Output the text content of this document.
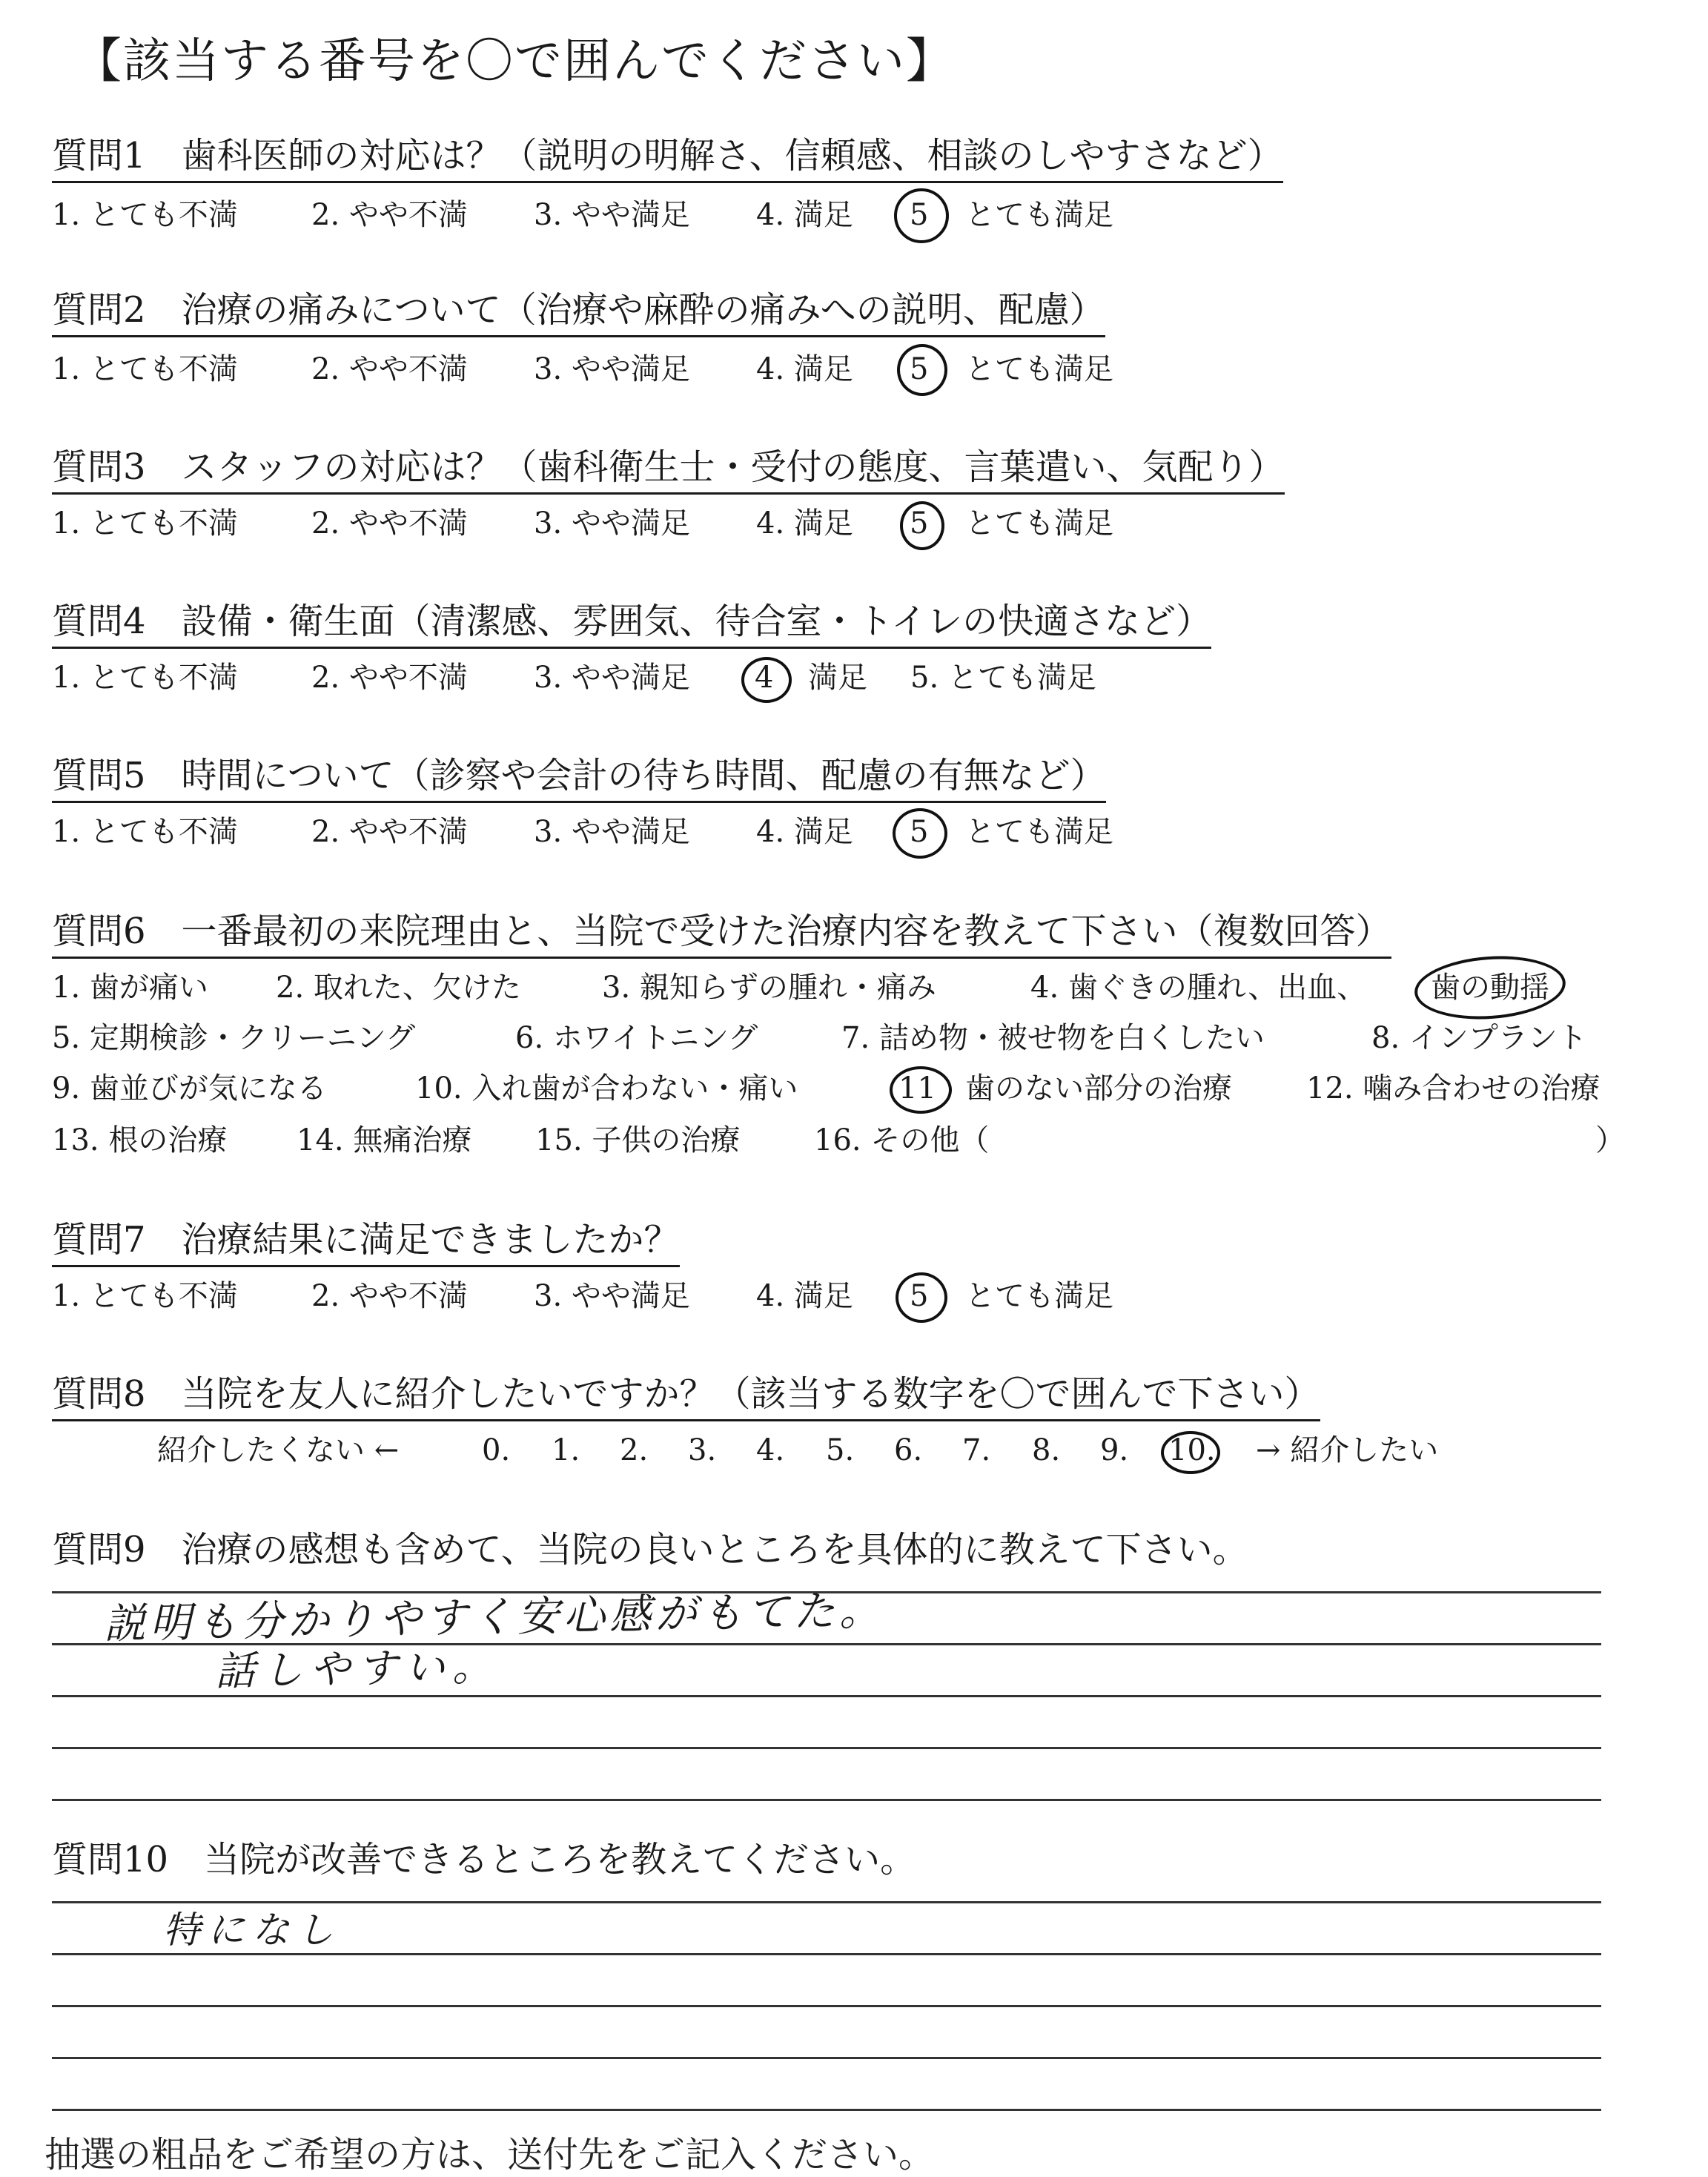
【該当する番号を〇で囲んでください】
質問1　歯科医師の対応は？（説明の明解さ、信頼感、相談のしやすさなど）
1. とても不満 2. やや不満 3. やや満足 4. 満足 5 とても満足
質問2　治療の痛みについて（治療や麻酔の痛みへの説明、配慮）
1. とても不満 2. やや不満 3. やや満足 4. 満足 5 とても満足
質問3　スタッフの対応は？（歯科衛生士・受付の態度、言葉遣い、気配り）
1. とても不満 2. やや不満 3. やや満足 4. 満足 5 とても満足
質問4　設備・衛生面（清潔感、雰囲気、待合室・トイレの快適さなど）
1. とても不満 2. やや不満 3. やや満足 4 満足 5. とても満足
質問5　時間について（診察や会計の待ち時間、配慮の有無など）
1. とても不満 2. やや不満 3. やや満足 4. 満足 5 とても満足
質問6　一番最初の来院理由と、当院で受けた治療内容を教えて下さい（複数回答）
1. 歯が痛い 2. 取れた、欠けた	3. 親知らずの腫れ・痛み	4. 歯ぐきの腫れ、出血、 歯の動揺
5. 定期検診・クリーニング	6. ホワイトニング	7. 詰め物・被せ物を白くしたい	8. インプラント
9. 歯並びが気になる	10. 入れ歯が合わない・痛い	11 歯のない部分の治療	12. 噛み合わせの治療
13. 根の治療 14. 無痛治療 15. 子供の治療 16. その他（	）
質問7　治療結果に満足できましたか？
1. とても不満 2. やや不満 3. やや満足 4. 満足 5 とても満足
質問8　当院を友人に紹介したいですか？（該当する数字を〇で囲んで下さい）
紹介したくない ←	0. 1. 2. 3. 4. 5. 6. 7. 8. 9. 10. → 紹介したい
質問9　治療の感想も含めて、当院の良いところを具体的に教えて下さい。
説明も分かりやすく安心感がもてた。
話しやすい。
質問10　当院が改善できるところを教えてください。
特になし
抽選の粗品をご希望の方は、送付先をご記入ください。
